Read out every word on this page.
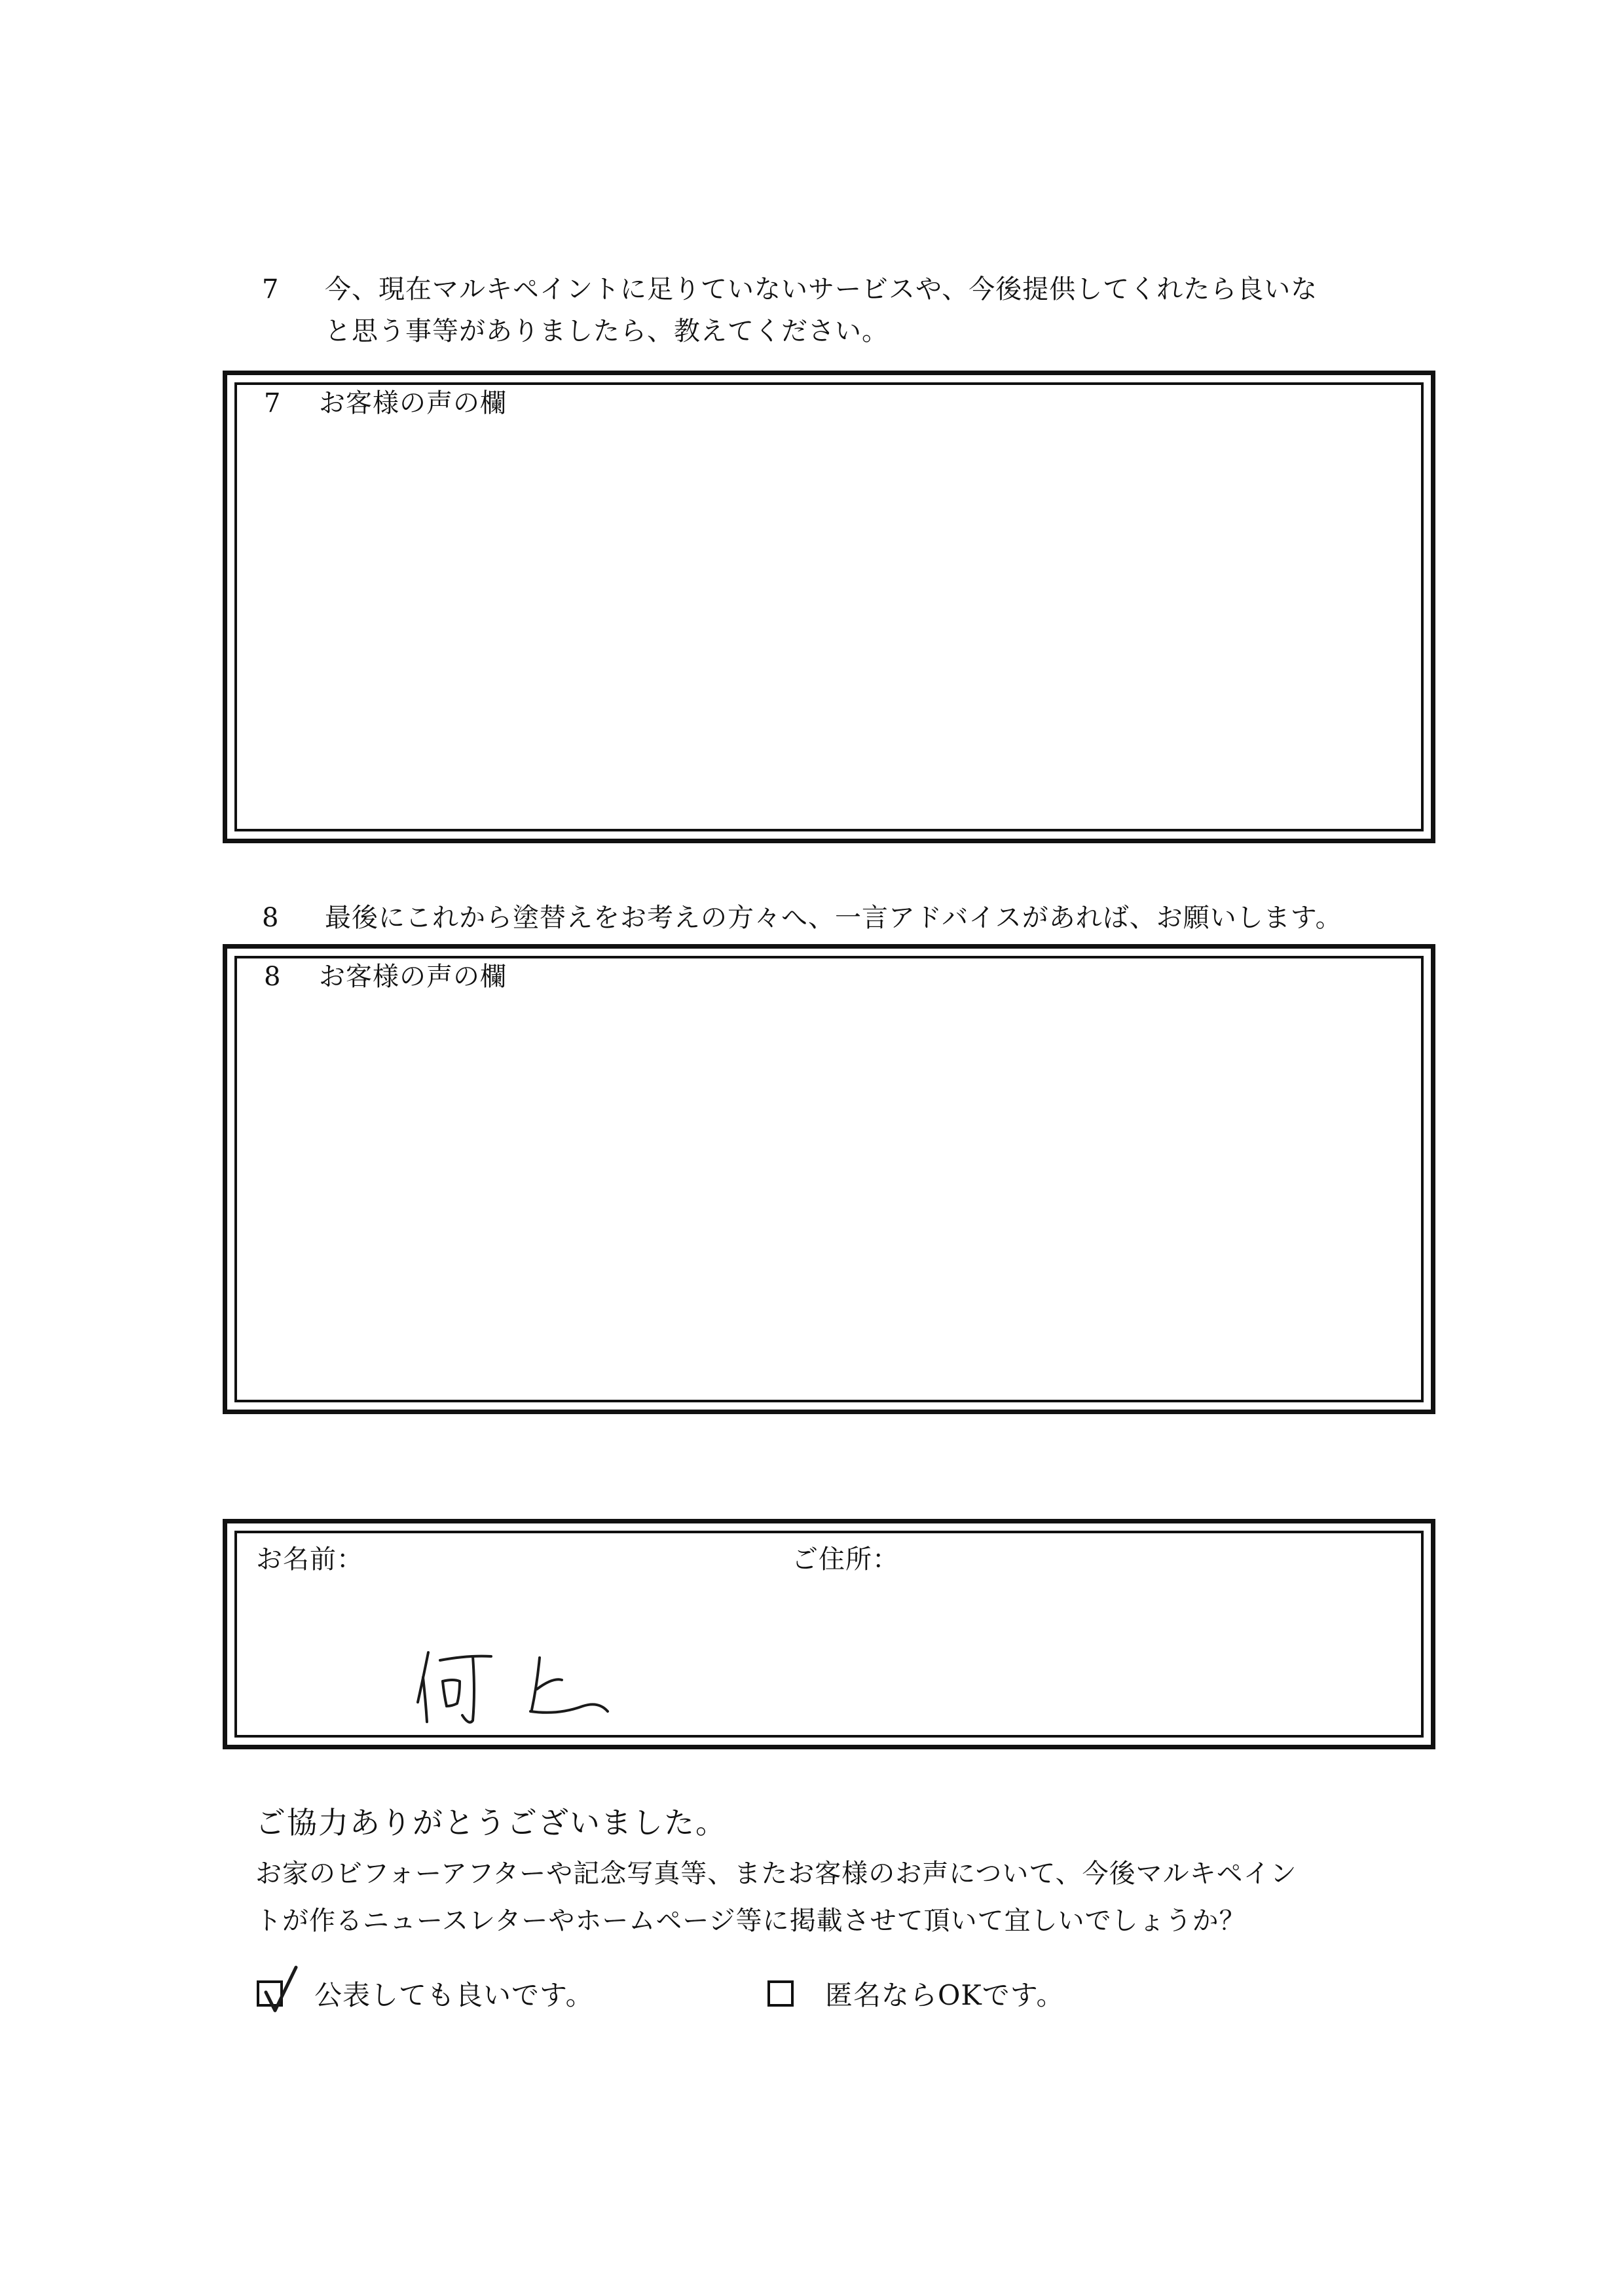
7	今、現在マルキペイントに足りていないサービスや、今後提供してくれたら良いな
と思う事等がありましたら、教えてください。
7 お客様の声の欄
8	最後にこれから塗替えをお考えの方々へ、一言アドバイスがあれば、お願いします。
8 お客様の声の欄
お名前：	ご住所：
ご協力ありがとうございました。
お家のビフォーアフターや記念写真等、またお客様のお声について、今後マルキペイン
トが作るニュースレターやホームページ等に掲載させて頂いて宜しいでしょうか？
公表しても良いです。	匿名ならOKです。
